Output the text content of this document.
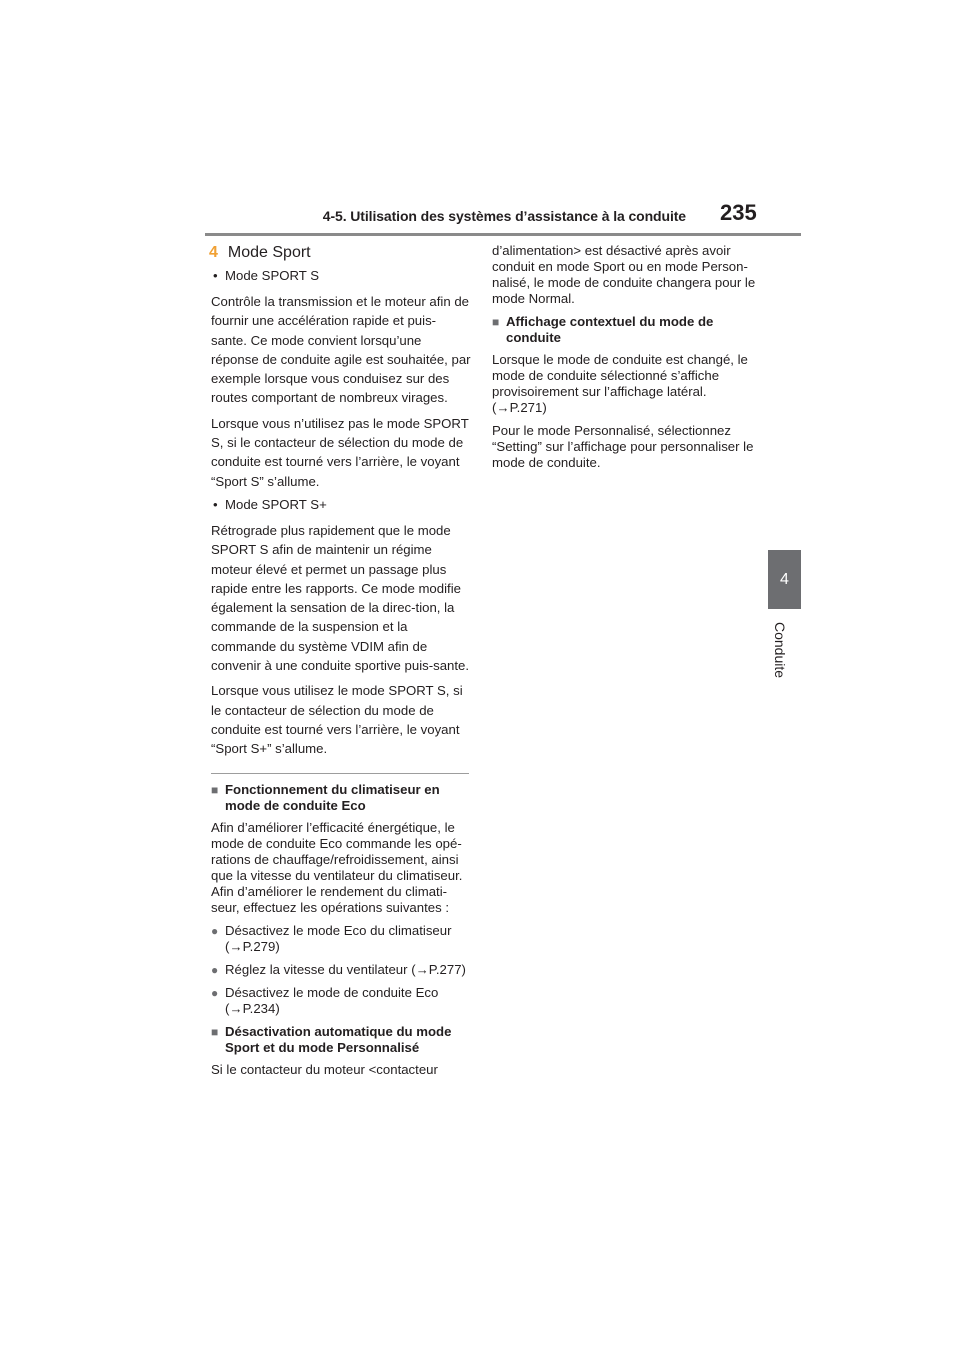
4-5. Utilisation des systèmes d’assistance à la conduite 235
4
Conduite
4 Mode Sport
• Mode SPORT S
Contrôle la transmission et le moteur afin de fournir une accélération rapide et puis-sante. Ce mode convient lorsqu’une réponse de conduite agile est souhaitée, par exemple lorsque vous conduisez sur des routes comportant de nombreux virages.
Lorsque vous n’utilisez pas le mode SPORT S, si le contacteur de sélection du mode de conduite est tourné vers l’arrière, le voyant “Sport S” s’allume.
• Mode SPORT S+
Rétrograde plus rapidement que le mode SPORT S afin de maintenir un régime moteur élevé et permet un passage plus rapide entre les rapports. Ce mode modifie également la sensation de la direc-tion, la commande de la suspension et la commande du système VDIM afin de convenir à une conduite sportive puis-sante.
Lorsque vous utilisez le mode SPORT S, si le contacteur de sélection du mode de conduite est tourné vers l’arrière, le voyant “Sport S+” s’allume.
■ Fonctionnement du climatiseur en mode de conduite Eco
Afin d’améliorer l’efficacité énergétique, le mode de conduite Eco commande les opé-rations de chauffage/refroidissement, ainsi que la vitesse du ventilateur du climatiseur. Afin d’améliorer le rendement du climati-seur, effectuez les opérations suivantes :
● Désactivez le mode Eco du climatiseur (→P.279)
● Réglez la vitesse du ventilateur (→P.277)
● Désactivez le mode de conduite Eco (→P.234)
■ Désactivation automatique du mode Sport et du mode Personnalisé
Si le contacteur du moteur <contacteur
d’alimentation> est désactivé après avoir conduit en mode Sport ou en mode Person-nalisé, le mode de conduite changera pour le mode Normal.
■ Affichage contextuel du mode de conduite
Lorsque le mode de conduite est changé, le mode de conduite sélectionné s’affiche provisoirement sur l’affichage latéral. (→P.271)
Pour le mode Personnalisé, sélectionnez “Setting” sur l’affichage pour personnaliser le mode de conduite.
